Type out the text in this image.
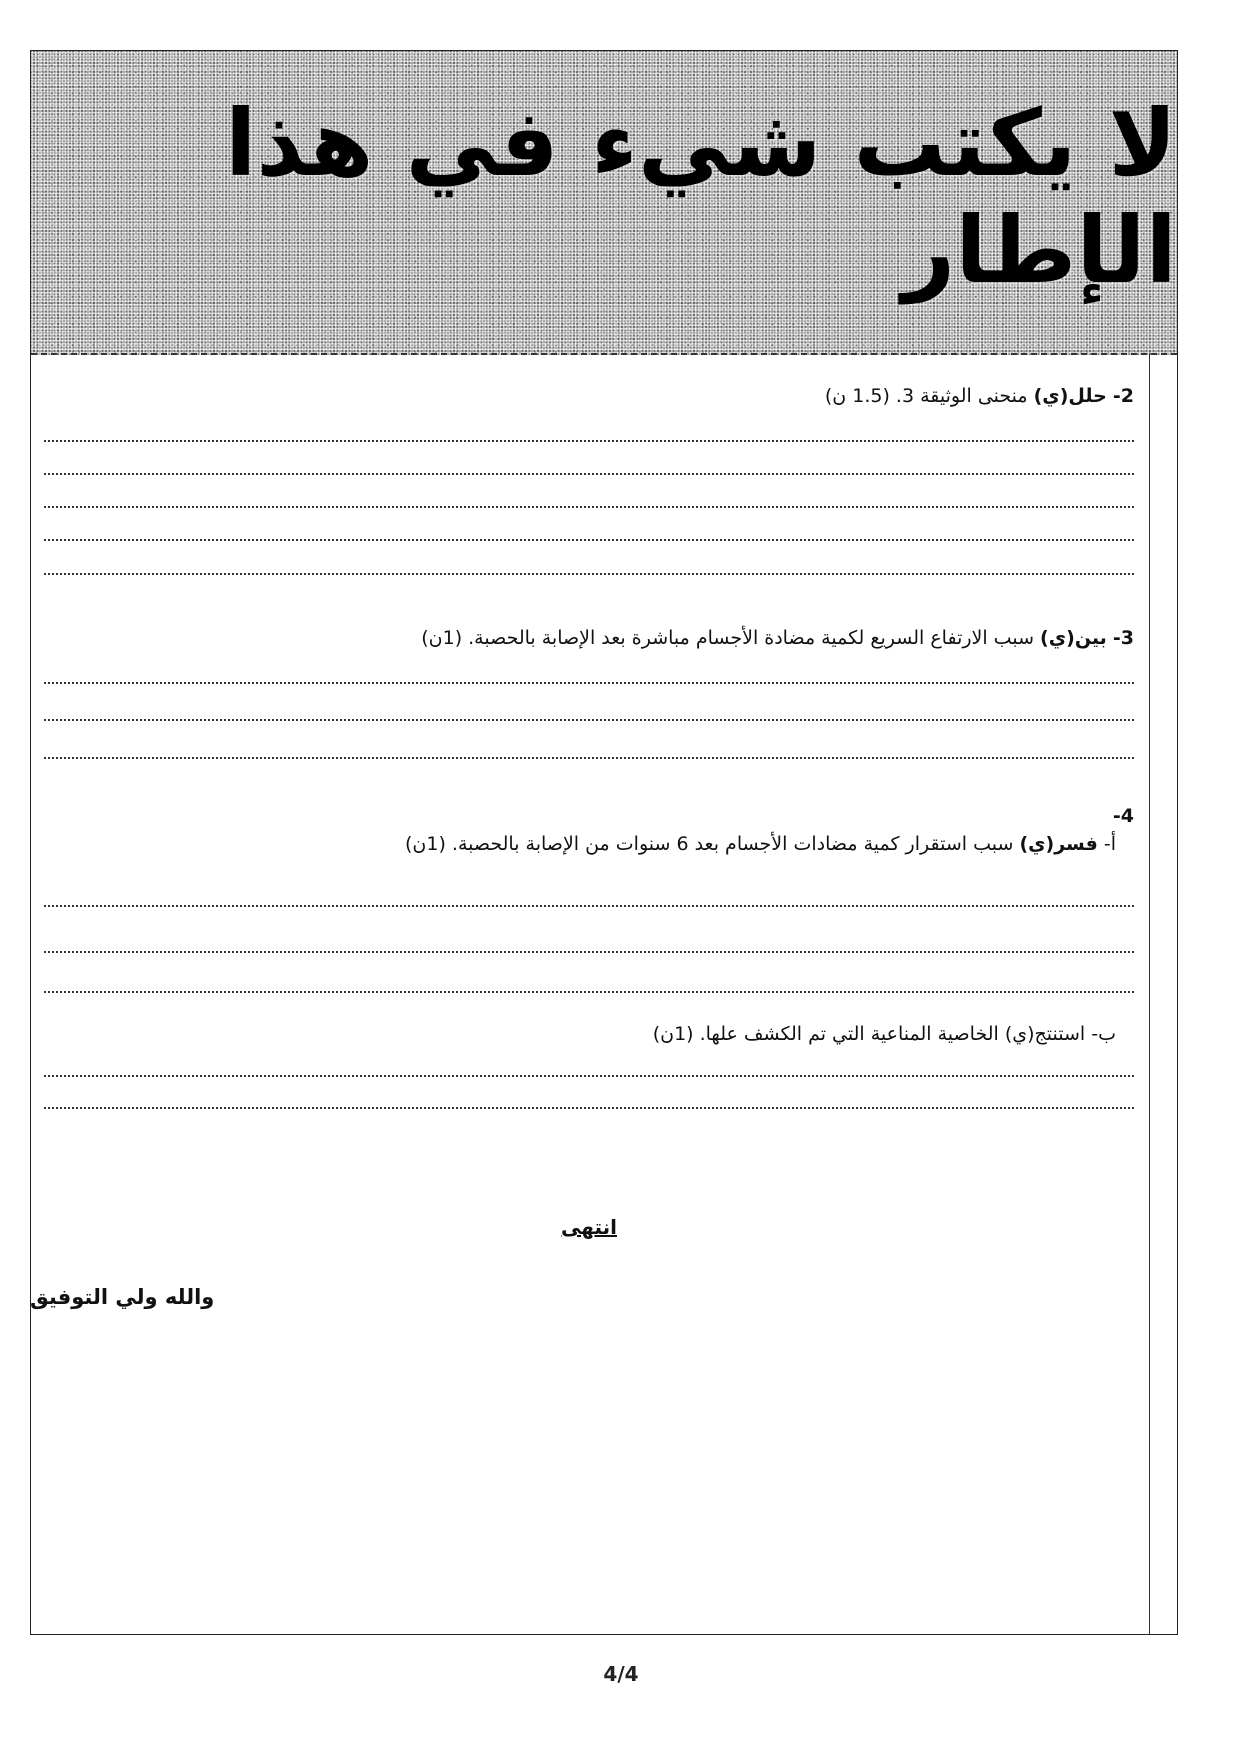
لا يكتب شيء في هذا الإطار
2- حلل(ي) منحنى الوثيقة 3. (1.5 ن)
3- بين(ي) سبب الارتفاع السريع لكمية مضادة الأجسام مباشرة بعد الإصابة بالحصبة. (1ن)
4-
أ- فسر(ي) سبب استقرار كمية مضادات الأجسام بعد 6 سنوات من الإصابة بالحصبة. (1ن)
ب- استنتج(ي) الخاصية المناعية التي تم الكشف علها. (1ن)
انتهى
والله ولي التوفيق
4/4
